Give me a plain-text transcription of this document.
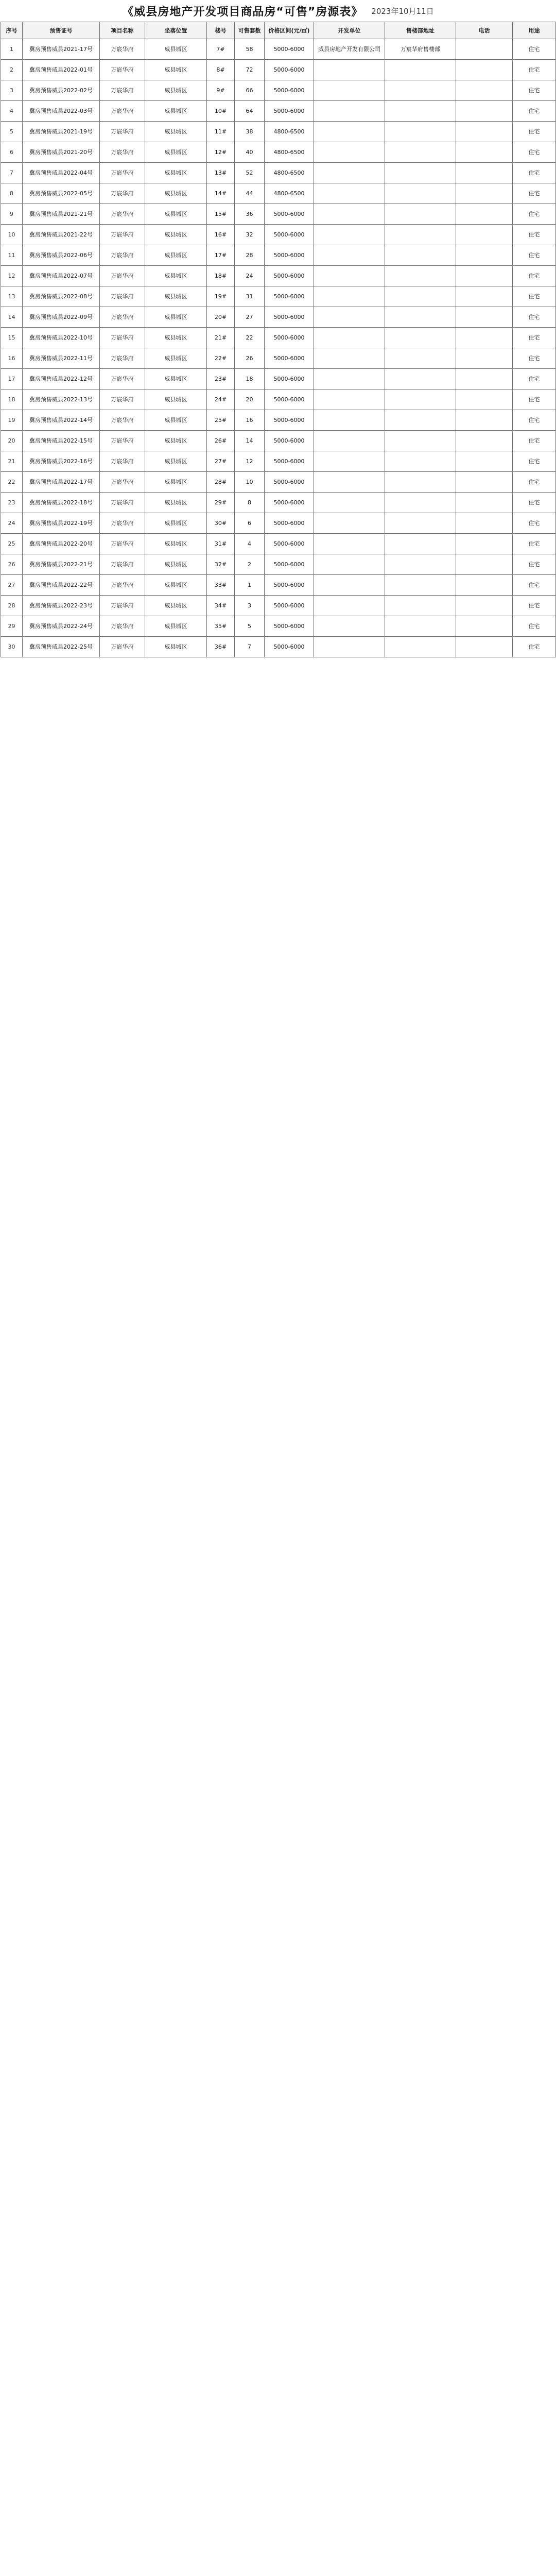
《威县房地产开发项目商品房“可售”房源表》 2023年10月11日
序号	预售证号	项目名称	坐落位置	楼号	可售套数	价格区间(元/㎡)	开发单位	售楼部地址	电话	用途
1	冀房预售威县2021-17号	万宸华府	威县城区	7#	58	5000-6000	威县房地产开发有限公司	万宸华府售楼部		住宅
2	冀房预售威县2022-01号	万宸华府	威县城区	8#	72	5000-6000				住宅
3	冀房预售威县2022-02号	万宸华府	威县城区	9#	66	5000-6000				住宅
4	冀房预售威县2022-03号	万宸华府	威县城区	10#	64	5000-6000				住宅
5	冀房预售威县2021-19号	万宸华府	威县城区	11#	38	4800-6500				住宅
6	冀房预售威县2021-20号	万宸华府	威县城区	12#	40	4800-6500				住宅
7	冀房预售威县2022-04号	万宸华府	威县城区	13#	52	4800-6500				住宅
8	冀房预售威县2022-05号	万宸华府	威县城区	14#	44	4800-6500				住宅
9	冀房预售威县2021-21号	万宸华府	威县城区	15#	36	5000-6000				住宅
10	冀房预售威县2021-22号	万宸华府	威县城区	16#	32	5000-6000				住宅
11	冀房预售威县2022-06号	万宸华府	威县城区	17#	28	5000-6000				住宅
12	冀房预售威县2022-07号	万宸华府	威县城区	18#	24	5000-6000				住宅
13	冀房预售威县2022-08号	万宸华府	威县城区	19#	31	5000-6000				住宅
14	冀房预售威县2022-09号	万宸华府	威县城区	20#	27	5000-6000				住宅
15	冀房预售威县2022-10号	万宸华府	威县城区	21#	22	5000-6000				住宅
16	冀房预售威县2022-11号	万宸华府	威县城区	22#	26	5000-6000				住宅
17	冀房预售威县2022-12号	万宸华府	威县城区	23#	18	5000-6000				住宅
18	冀房预售威县2022-13号	万宸华府	威县城区	24#	20	5000-6000				住宅
19	冀房预售威县2022-14号	万宸华府	威县城区	25#	16	5000-6000				住宅
20	冀房预售威县2022-15号	万宸华府	威县城区	26#	14	5000-6000				住宅
21	冀房预售威县2022-16号	万宸华府	威县城区	27#	12	5000-6000				住宅
22	冀房预售威县2022-17号	万宸华府	威县城区	28#	10	5000-6000				住宅
23	冀房预售威县2022-18号	万宸华府	威县城区	29#	8	5000-6000				住宅
24	冀房预售威县2022-19号	万宸华府	威县城区	30#	6	5000-6000				住宅
25	冀房预售威县2022-20号	万宸华府	威县城区	31#	4	5000-6000				住宅
26	冀房预售威县2022-21号	万宸华府	威县城区	32#	2	5000-6000				住宅
27	冀房预售威县2022-22号	万宸华府	威县城区	33#	1	5000-6000				住宅
28	冀房预售威县2022-23号	万宸华府	威县城区	34#	3	5000-6000				住宅
29	冀房预售威县2022-24号	万宸华府	威县城区	35#	5	5000-6000				住宅
30	冀房预售威县2022-25号	万宸华府	威县城区	36#	7	5000-6000				住宅
